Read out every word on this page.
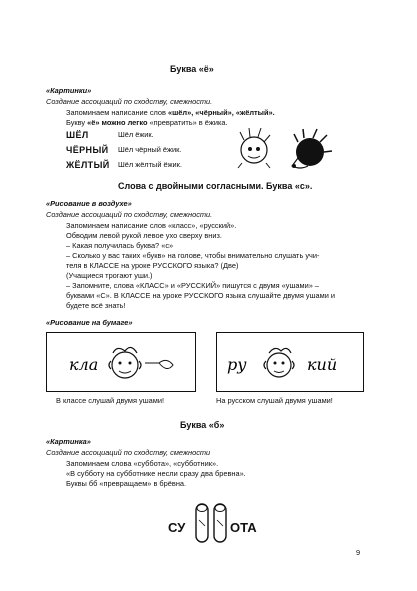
Буква «ё»
«Картинки»
Создание ассоциаций по сходству, смежности.
Запоминаем написание слов «шёл», «чёрный», «жёлтый».
Букву «ё» можно легко «превратить» в ёжика.
ШЁЛ	Шёл ёжик.
ЧЁРНЫЙ Шёл чёрный ёжик.
ЖЁЛТЫЙ Шёл жёлтый ёжик.
Слова с двойными согласными. Буква «с».
«Рисование в воздухе»
Создание ассоциаций по сходству, смежности.
Запоминаем написание слов «класс», «русский».
Обводим левой рукой левое ухо сверху вниз.
– Какая получилась буква? «с»
– Сколько у вас таких «букв» на голове, чтобы внимательно слушать учи-
теля в КЛАССЕ на уроке РУССКОГО языка? (Две)
(Учащиеся трогают уши.)
– Запомните, слова «КЛАСС» и «РУССКИЙ» пишутся с двумя «ушами» –
буквами «С». В КЛАССЕ на уроке РУССКОГО языка слушайте двумя ушами и
будете всё знать!
«Рисование на бумаге»
кла	ру	кий
В классе слушай двумя ушами!	На русском слушай двумя ушами!
Буква «б»
«Картинка»
Создание ассоциаций по сходству, смежности
Запоминаем слова «суббота», «субботник».
«В субботу на субботнике несли сразу два бревна».
Буквы бб «превращаем» в брёвна.
СУ	ОТА
9
